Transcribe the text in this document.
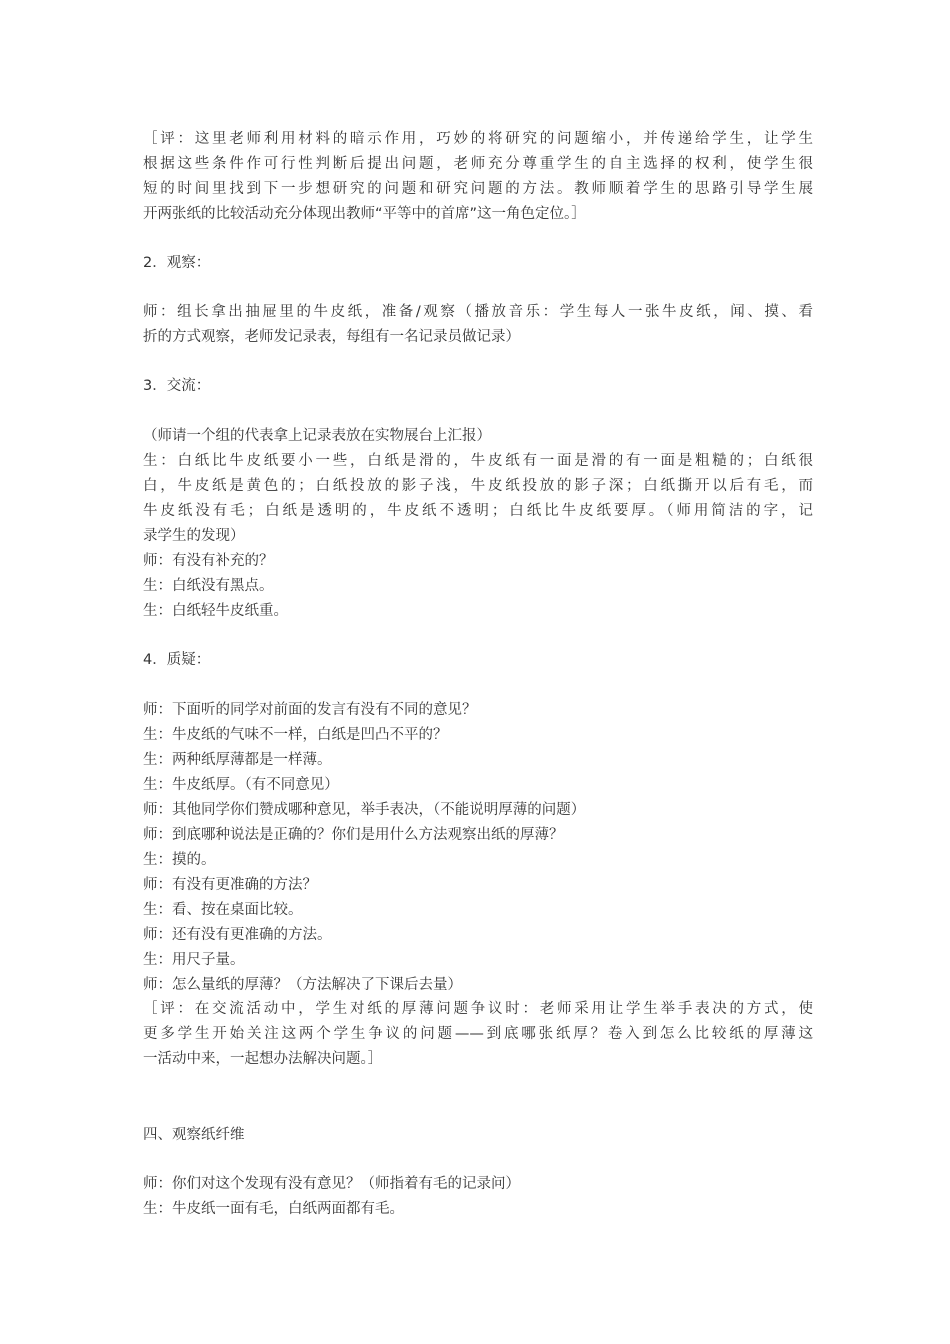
［评：这里老师利用材料的暗示作用，巧妙的将研究的问题缩小，并传递给学生，让学生
根据这些条件作可行性判断后提出问题，老师充分尊重学生的自主选择的权利，使学生很
短的时间里找到下一步想研究的问题和研究问题的方法。教师顺着学生的思路引导学生展
开两张纸的比较活动充分体现出教师“平等中的首席”这一角色定位。］
2．观察：
师：组长拿出抽屉里的牛皮纸，准备/观察（播放音乐：学生每人一张牛皮纸，闻、摸、看
折的方式观察，老师发记录表，每组有一名记录员做记录）
3．交流：
（师请一个组的代表拿上记录表放在实物展台上汇报）
生：白纸比牛皮纸要小一些，白纸是滑的，牛皮纸有一面是滑的有一面是粗糙的；白纸很
白，牛皮纸是黄色的；白纸投放的影子浅，牛皮纸投放的影子深；白纸撕开以后有毛，而
牛皮纸没有毛；白纸是透明的，牛皮纸不透明；白纸比牛皮纸要厚。（师用简洁的字，记
录学生的发现）
师：有没有补充的？
生：白纸没有黑点。
生：白纸轻牛皮纸重。
4．质疑：
师：下面听的同学对前面的发言有没有不同的意见？
生：牛皮纸的气味不一样，白纸是凹凸不平的？
生：两种纸厚薄都是一样薄。
生：牛皮纸厚。（有不同意见）
师：其他同学你们赞成哪种意见，举手表决，（不能说明厚薄的问题）
师：到底哪种说法是正确的？你们是用什么方法观察出纸的厚薄？
生：摸的。
师：有没有更准确的方法？
生：看、按在桌面比较。
师：还有没有更准确的方法。
生：用尺子量。
师：怎么量纸的厚薄？（方法解决了下课后去量）
［评：在交流活动中，学生对纸的厚薄问题争议时：老师采用让学生举手表决的方式，使
更多学生开始关注这两个学生争议的问题——到底哪张纸厚？卷入到怎么比较纸的厚薄这
一活动中来，一起想办法解决问题。］
四、观察纸纤维
师：你们对这个发现有没有意见？（师指着有毛的记录问）
生：牛皮纸一面有毛，白纸两面都有毛。
